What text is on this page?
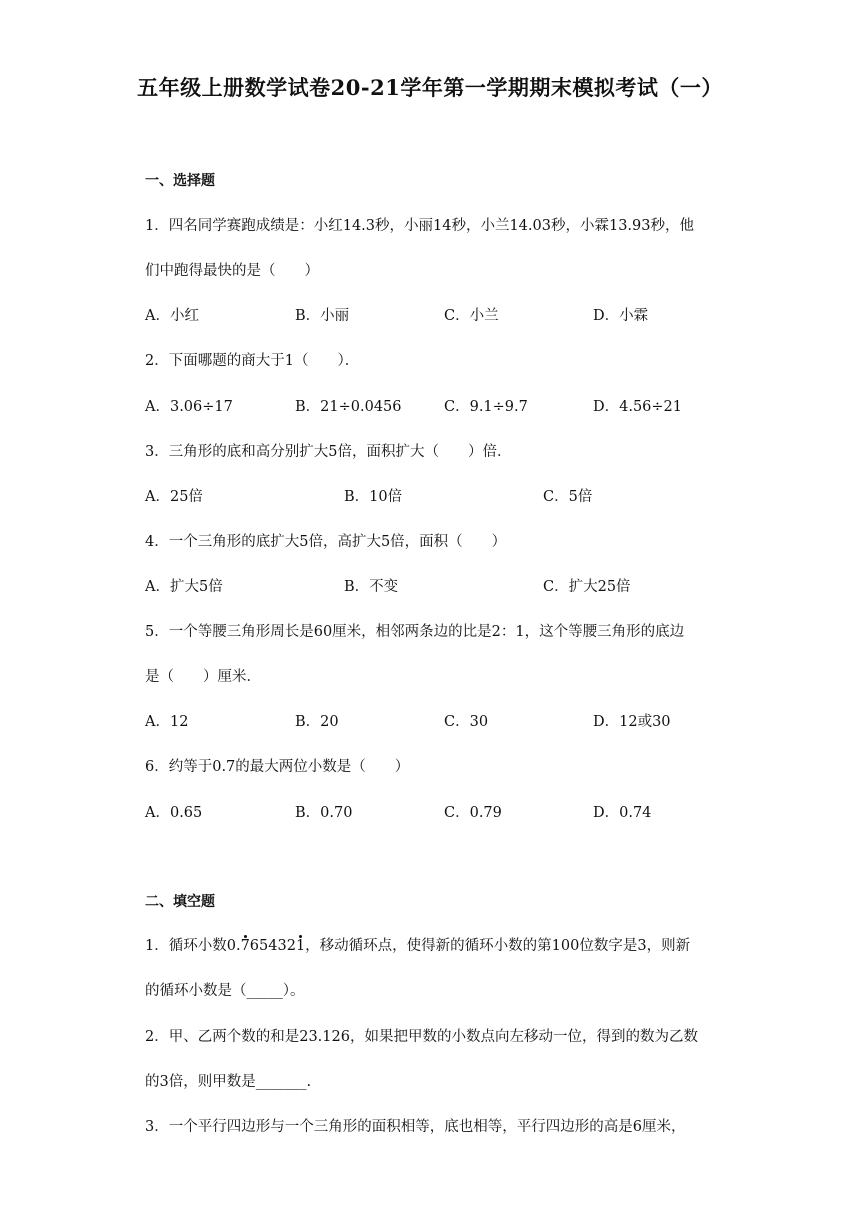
五年级上册数学试卷20-21学年第一学期期末模拟考试（一）
一、选择题
1．四名同学赛跑成绩是：小红14.3秒，小丽14秒，小兰14.03秒，小霖13.93秒，他
们中跑得最快的是（　　）
A．小红	B．小丽	C．小兰	D．小霖
2．下面哪题的商大于1（　　）．
A．3.06÷17	B．21÷0.0456	C．9.1÷9.7	D．4.56÷21
3．三角形的底和高分别扩大5倍，面积扩大（　　）倍．
A．25倍	B．10倍	C．5倍
4．一个三角形的底扩大5倍，高扩大5倍，面积（　　）
A．扩大5倍	B．不变	C．扩大25倍
5．一个等腰三角形周长是60厘米，相邻两条边的比是2：1，这个等腰三角形的底边
是（　　）厘米．
A．12	B．20	C．30	D．12或30
6．约等于0.7的最大两位小数是（　　）
A．0.65	B．0.70	C．0.79	D．0.74
二、填空题
1．循环小数0.7654321，移动循环点，使得新的循环小数的第100位数字是3，则新
的循环小数是（_____）。
2．甲、乙两个数的和是23.126，如果把甲数的小数点向左移动一位，得到的数为乙数
的3倍，则甲数是_______.
3．一个平行四边形与一个三角形的面积相等，底也相等，平行四边形的高是6厘米，
